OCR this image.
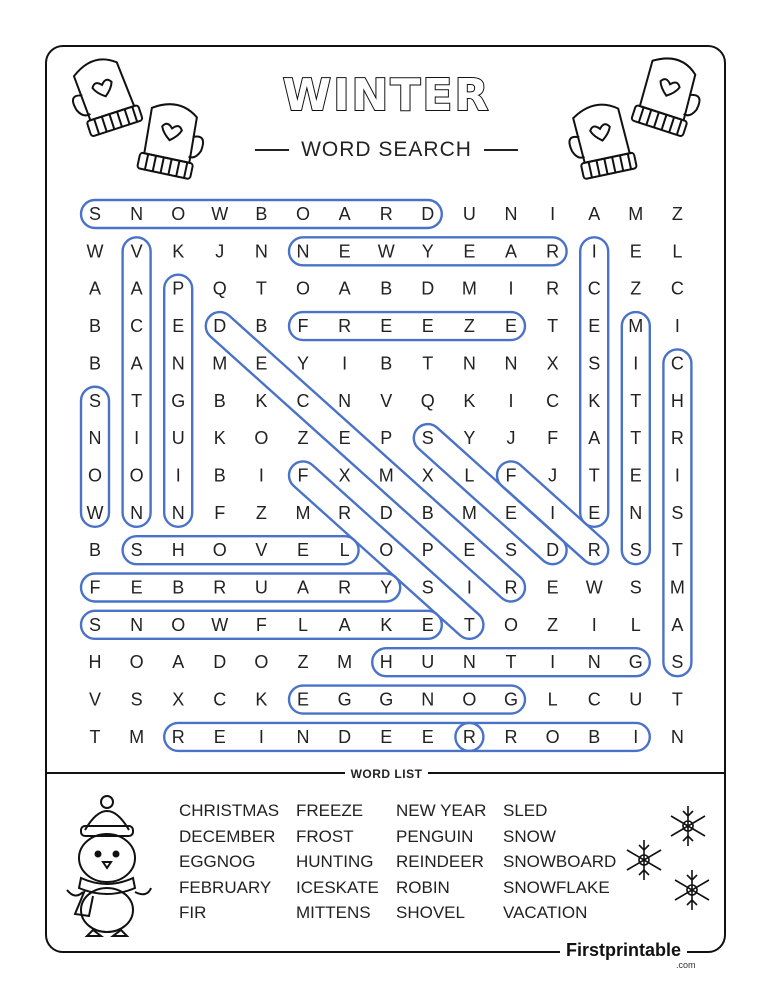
WINTER
WORD SEARCH
S N O W B O A R D U N I A M Z
W V K J N N E W Y E A R I E L
A A P Q T O A B D M I R C Z C
B C E D B F R E E Z E T E M I
B A N M E Y I B T N N X S I C
S T G B K C N V Q K I C K T H
N I U K O Z E P S Y J F A T R
O O I B I F X M X L F J T E I
W N N F Z M R D B M E I E N S
B S H O V E L O P E S D R S T
F E B R U A R Y S I R E W S M
S N O W F L A K E T O Z I L A
H O A D O Z M H U N T I N G S
V S X C K E G G N O G L C U T
T M R E I N D E E R R O B I N
WORD LIST
CHRISTMAS
DECEMBER
EGGNOG
FEBRUARY
FIR
FREEZE
FROST
HUNTING
ICESKATE
MITTENS
NEW YEAR
PENGUIN
REINDEER
ROBIN
SHOVEL
SLED
SNOW
SNOWBOARD
SNOWFLAKE
VACATION
Firstprintable
.com
